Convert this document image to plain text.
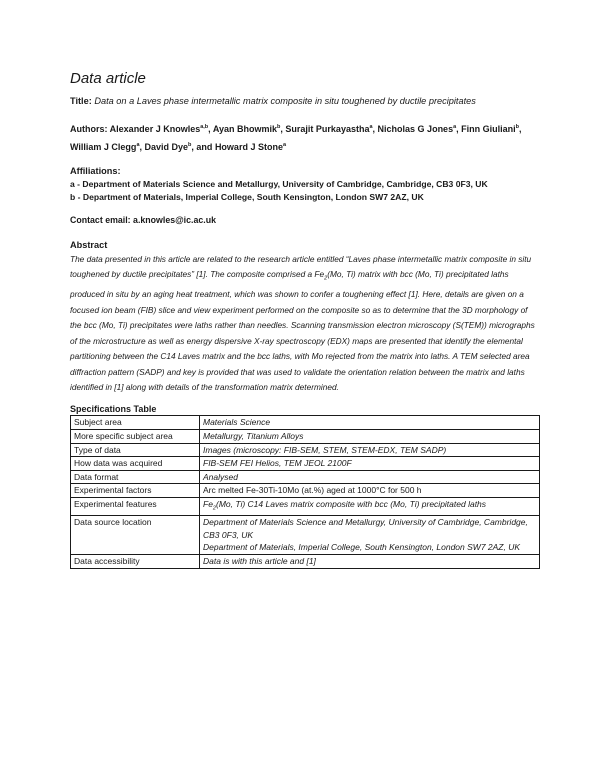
Data article
Title: Data on a Laves phase intermetallic matrix composite in situ toughened by ductile precipitates
Authors: Alexander J Knowles$^{a,b}$, Ayan Bhowmik$^b$, Surajit Purkayastha$^a$, Nicholas G Jones$^a$, Finn Giuliani$^b$, William J Clegg$^a$, David Dye$^b$, and Howard J Stone$^a$
Affiliations:
a - Department of Materials Science and Metallurgy, University of Cambridge, Cambridge, CB3 0F3, UK
b - Department of Materials, Imperial College, South Kensington, London SW7 2AZ, UK
Contact email: a.knowles@ic.ac.uk
Abstract

The data presented in this article are related to the research article entitled “Laves phase intermetallic matrix composite in situ toughened by ductile precipitates” [1]. The composite comprised a $Fe_2(Mo$, Ti) matrix with bcc (Mo, Ti) precipitated laths produced in situ by an aging heat treatment, which was shown to confer a toughening effect [1]. Here, details are given on a focused ion beam (FIB) slice and view experiment performed on the composite so as to determine that the 3D morphology of the bcc (Mo, Ti) precipitates were laths rather than needles. Scanning transmission electron microscopy (S(TEM)) micrographs of the microstructure as well as energy dispersive X-ray spectroscopy (EDX) maps are presented that identify the elemental partitioning between the C14 Laves matrix and the bcc laths, with Mo rejected from the matrix into laths. A TEM selected area diffraction pattern (SADP) and key is provided that was used to validate the orientation relation between the matrix and laths identified in [1] along with details of the transformation matrix determined.

Specifications Table
Subject area	Materials Science
More specific subject area	Metallurgy, Titanium Alloys
Type of data	Images (microscopy: FIB-SEM, STEM, STEM-EDX, TEM SADP)
How data was acquired	FIB-SEM FEI Helios, TEM JEOL 2100F
Data format	Analysed
Experimental factors	Arc melted Fe-30Ti-10Mo (at.%) aged at 1000°C for 500 h
Experimental features	$Fe_2(Mo$, Ti) C14 Laves matrix composite with bcc (Mo, Ti) precipitated laths
Data source location	Department of Materials Science and Metallurgy, University of Cambridge, Cambridge, CB3 0F3, UK
Department of Materials, Imperial College, South Kensington, London SW7 2AZ, UK

Data accessibility	Data is with this article and [1]
